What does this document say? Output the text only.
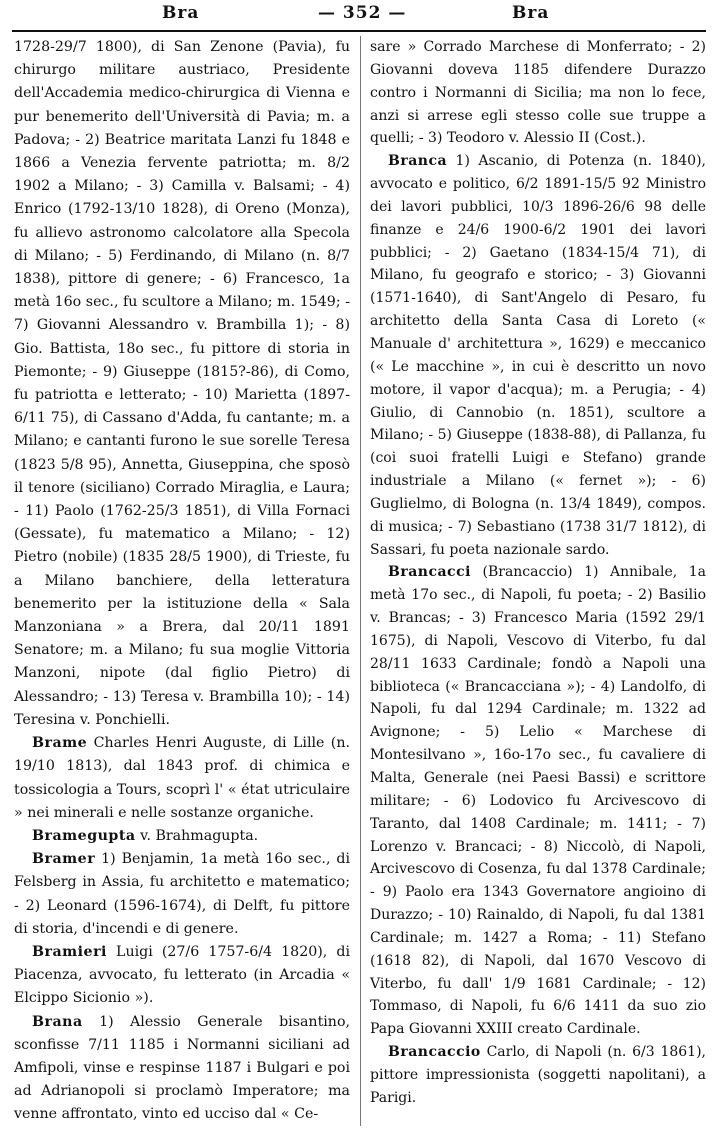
Bra	— 352 —	Bra

1728-29/7 1800), di San Zenone (Pavia), fu chirurgo militare austriaco, Presidente dell'Accademia medico-chirurgica di Vienna e pur benemerito dell'Università di Pavia; m. a Padova; - 2) Beatrice maritata Lanzi fu 1848 e 1866 a Venezia fervente patriotta; m. 8/2 1902 a Milano; - 3) Camilla v. Balsami; - 4) Enrico (1792-13/10 1828), di Oreno (Monza), fu allievo astronomo calcolatore alla Specola di Milano; - 5) Ferdinando, di Milano (n. 8/7 1838), pittore di genere; - 6) Francesco, 1a metà 16o sec., fu scultore a Milano; m. 1549; - 7) Giovanni Alessandro v. Brambilla 1); - 8) Gio. Battista, 18o sec., fu pittore di storia in Piemonte; - 9) Giuseppe (1815?-86), di Como, fu patriotta e letterato; - 10) Marietta (1897-6/11 75), di Cassano d'Adda, fu cantante; m. a Milano; e cantanti furono le sue sorelle Teresa (1823 5/8 95), Annetta, Giuseppina, che sposò il tenore (siciliano) Corrado Miraglia, e Laura; - 11) Paolo (1762-25/3 1851), di Villa Fornaci (Gessate), fu matematico a Milano; - 12) Pietro (nobile) (1835 28/5 1900), di Trieste, fu a Milano banchiere, della letteratura benemerito per la istituzione della « Sala Manzoniana » a Brera, dal 20/11 1891 Senatore; m. a Milano; fu sua moglie Vittoria Manzoni, nipote (dal figlio Pietro) di Alessandro; - 13) Teresa v. Brambilla 10); - 14) Teresina v. Ponchielli.

Brame Charles Henri Auguste, di Lille (n. 19/10 1813), dal 1843 prof. di chimica e tossicologia a Tours, scoprì l' « état utriculaire » nei minerali e nelle sostanze organiche.

Bramegupta v. Brahmagupta.

Bramer 1) Benjamin, 1a metà 16o sec., di Felsberg in Assia, fu architetto e matematico; - 2) Leonard (1596-1674), di Delft, fu pittore di storia, d'incendi e di genere.

Bramieri Luigi (27/6 1757-6/4 1820), di Piacenza, avvocato, fu letterato (in Arcadia « Elcippo Sicionio »).

Brana 1) Alessio Generale bisantino, sconfisse 7/11 1185 i Normanni siciliani ad Amfipoli, vinse e respinse 1187 i Bulgari e poi ad Adrianopoli si proclamò Imperatore; ma venne affrontato, vinto ed ucciso dal « Ce-

sare » Corrado Marchese di Monferrato; - 2) Giovanni doveva 1185 difendere Durazzo contro i Normanni di Sicilia; ma non lo fece, anzi si arrese egli stesso colle sue truppe a quelli; - 3) Teodoro v. Alessio II (Cost.).

Branca 1) Ascanio, di Potenza (n. 1840), avvocato e politico, 6/2 1891-15/5 92 Ministro dei lavori pubblici, 10/3 1896-26/6 98 delle finanze e 24/6 1900-6/2 1901 dei lavori pubblici; - 2) Gaetano (1834-15/4 71), di Milano, fu geografo e storico; - 3) Giovanni (1571-1640), di Sant'Angelo di Pesaro, fu architetto della Santa Casa di Loreto (« Manuale d' architettura », 1629) e meccanico (« Le macchine », in cui è descritto un novo motore, il vapor d'acqua); m. a Perugia; - 4) Giulio, di Cannobio (n. 1851), scultore a Milano; - 5) Giuseppe (1838-88), di Pallanza, fu (coi suoi fratelli Luigi e Stefano) grande industriale a Milano (« fernet »); - 6) Guglielmo, di Bologna (n. 13/4 1849), compos. di musica; - 7) Sebastiano (1738 31/7 1812), di Sassari, fu poeta nazionale sardo.

Brancacci (Brancaccio) 1) Annibale, 1a metà 17o sec., di Napoli, fu poeta; - 2) Basilio v. Brancas; - 3) Francesco Maria (1592 29/1 1675), di Napoli, Vescovo di Viterbo, fu dal 28/11 1633 Cardinale; fondò a Napoli una biblioteca (« Brancacciana »); - 4) Landolfo, di Napoli, fu dal 1294 Cardinale; m. 1322 ad Avignone; - 5) Lelio « Marchese di Montesilvano », 16o-17o sec., fu cavaliere di Malta, Generale (nei Paesi Bassi) e scrittore militare; - 6) Lodovico fu Arcivescovo di Taranto, dal 1408 Cardinale; m. 1411; - 7) Lorenzo v. Brancaci; - 8) Niccolò, di Napoli, Arcivescovo di Cosenza, fu dal 1378 Cardinale; - 9) Paolo era 1343 Governatore angioino di Durazzo; - 10) Rainaldo, di Napoli, fu dal 1381 Cardinale; m. 1427 a Roma; - 11) Stefano (1618 82), di Napoli, dal 1670 Vescovo di Viterbo, fu dall' 1/9 1681 Cardinale; - 12) Tommaso, di Napoli, fu 6/6 1411 da suo zio Papa Giovanni XXIII creato Cardinale.

Brancaccio Carlo, di Napoli (n. 6/3 1861), pittore impressionista (soggetti napolitani), a Parigi.
